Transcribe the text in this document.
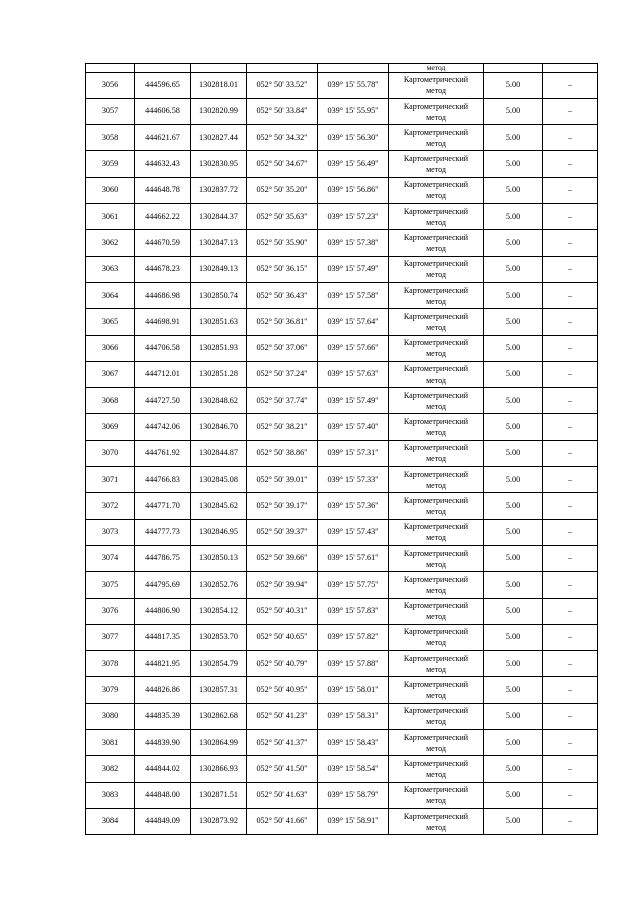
					метод		
3056	444596.65	1302818.01	052° 50' 33.52"	039° 15' 55.78"	Картометрический
метод	5.00	–
3057	444606.58	1302820.99	052° 50' 33.84"	039° 15' 55.95"	Картометрический
метод	5.00	–
3058	444621.67	1302827.44	052° 50' 34.32"	039° 15' 56.30"	Картометрический
метод	5.00	–
3059	444632.43	1302830.95	052° 50' 34.67"	039° 15' 56.49"	Картометрический
метод	5.00	–
3060	444648.78	1302837.72	052° 50' 35.20"	039° 15' 56.86"	Картометрический
метод	5.00	–
3061	444662.22	1302844.37	052° 50' 35.63"	039° 15' 57.23"	Картометрический
метод	5.00	–
3062	444670.59	1302847.13	052° 50' 35.90"	039° 15' 57.38"	Картометрический
метод	5.00	–
3063	444678.23	1302849.13	052° 50' 36.15"	039° 15' 57.49"	Картометрический
метод	5.00	–
3064	444686.98	1302850.74	052° 50' 36.43"	039° 15' 57.58"	Картометрический
метод	5.00	–
3065	444698.91	1302851.63	052° 50' 36.81"	039° 15' 57.64"	Картометрический
метод	5.00	–
3066	444706.58	1302851.93	052° 50' 37.06"	039° 15' 57.66"	Картометрический
метод	5.00	–
3067	444712.01	1302851.28	052° 50' 37.24"	039° 15' 57.63"	Картометрический
метод	5.00	–
3068	444727.50	1302848.62	052° 50' 37.74"	039° 15' 57.49"	Картометрический
метод	5.00	–
3069	444742.06	1302846.70	052° 50' 38.21"	039° 15' 57.40"	Картометрический
метод	5.00	–
3070	444761.92	1302844.87	052° 50' 38.86"	039° 15' 57.31"	Картометрический
метод	5.00	–
3071	444766.83	1302845.08	052° 50' 39.01"	039° 15' 57.33"	Картометрический
метод	5.00	–
3072	444771.70	1302845.62	052° 50' 39.17"	039° 15' 57.36"	Картометрический
метод	5.00	–
3073	444777.73	1302846.95	052° 50' 39.37"	039° 15' 57.43"	Картометрический
метод	5.00	–
3074	444786.75	1302850.13	052° 50' 39.66"	039° 15' 57.61"	Картометрический
метод	5.00	–
3075	444795.69	1302852.76	052° 50' 39.94"	039° 15' 57.75"	Картометрический
метод	5.00	–
3076	444806.90	1302854.12	052° 50' 40.31"	039° 15' 57.83"	Картометрический
метод	5.00	–
3077	444817.35	1302853.70	052° 50' 40.65"	039° 15' 57.82"	Картометрический
метод	5.00	–
3078	444821.95	1302854.79	052° 50' 40.79"	039° 15' 57.88"	Картометрический
метод	5.00	–
3079	444826.86	1302857.31	052° 50' 40.95"	039° 15' 58.01"	Картометрический
метод	5.00	–
3080	444835.39	1302862.68	052° 50' 41.23"	039° 15' 58.31"	Картометрический
метод	5.00	–
3081	444839.90	1302864.99	052° 50' 41.37"	039° 15' 58.43"	Картометрический
метод	5.00	–
3082	444844.02	1302866.93	052° 50' 41.50"	039° 15' 58.54"	Картометрический
метод	5.00	–
3083	444848.00	1302871.51	052° 50' 41.63"	039° 15' 58.79"	Картометрический
метод	5.00	–
3084	444849.09	1302873.92	052° 50' 41.66"	039° 15' 58.91"	Картометрический
метод	5.00	–
